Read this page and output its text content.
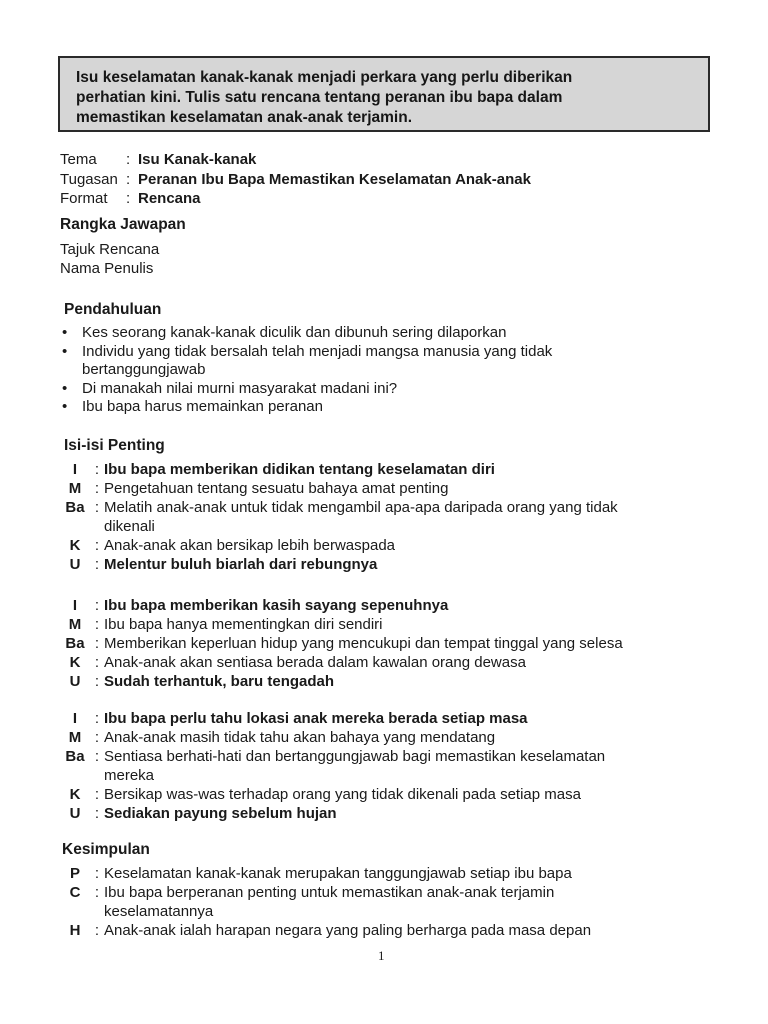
Isu keselamatan kanak-kanak menjadi perkara yang perlu diberikan
perhatian kini. Tulis satu rencana tentang peranan ibu bapa dalam
memastikan keselamatan anak-anak terjamin.
Tema	: Isu Kanak-kanak
Tugasan : Peranan Ibu Bapa Memastikan Keselamatan Anak-anak
Format	: Rencana
Rangka Jawapan
Tajuk Rencana
Nama Penulis
Pendahuluan
• Kes seorang kanak-kanak diculik dan dibunuh sering dilaporkan
• Individu yang tidak bersalah telah menjadi mangsa manusia yang tidak
bertanggungjawab
• Di manakah nilai murni masyarakat madani ini?
• Ibu bapa harus memainkan peranan
Isi-isi Penting
I	: Ibu bapa memberikan didikan tentang keselamatan diri
M : Pengetahuan tentang sesuatu bahaya amat penting
Ba : Melatih anak-anak untuk tidak mengambil apa-apa daripada orang yang tidak
dikenali
K : Anak-anak akan bersikap lebih berwaspada
U : Melentur buluh biarlah dari rebungnya
I	: Ibu bapa memberikan kasih sayang sepenuhnya
M : Ibu bapa hanya mementingkan diri sendiri
Ba : Memberikan keperluan hidup yang mencukupi dan tempat tinggal yang selesa
K : Anak-anak akan sentiasa berada dalam kawalan orang dewasa
U : Sudah terhantuk, baru tengadah
I	: Ibu bapa perlu tahu lokasi anak mereka berada setiap masa
M : Anak-anak masih tidak tahu akan bahaya yang mendatang
Ba : Sentiasa berhati-hati dan bertanggungjawab bagi memastikan keselamatan
mereka
K : Bersikap was-was terhadap orang yang tidak dikenali pada setiap masa
U : Sediakan payung sebelum hujan
Kesimpulan
P : Keselamatan kanak-kanak merupakan tanggungjawab setiap ibu bapa
C : Ibu bapa berperanan penting untuk memastikan anak-anak terjamin
keselamatannya
H : Anak-anak ialah harapan negara yang paling berharga pada masa depan
1
